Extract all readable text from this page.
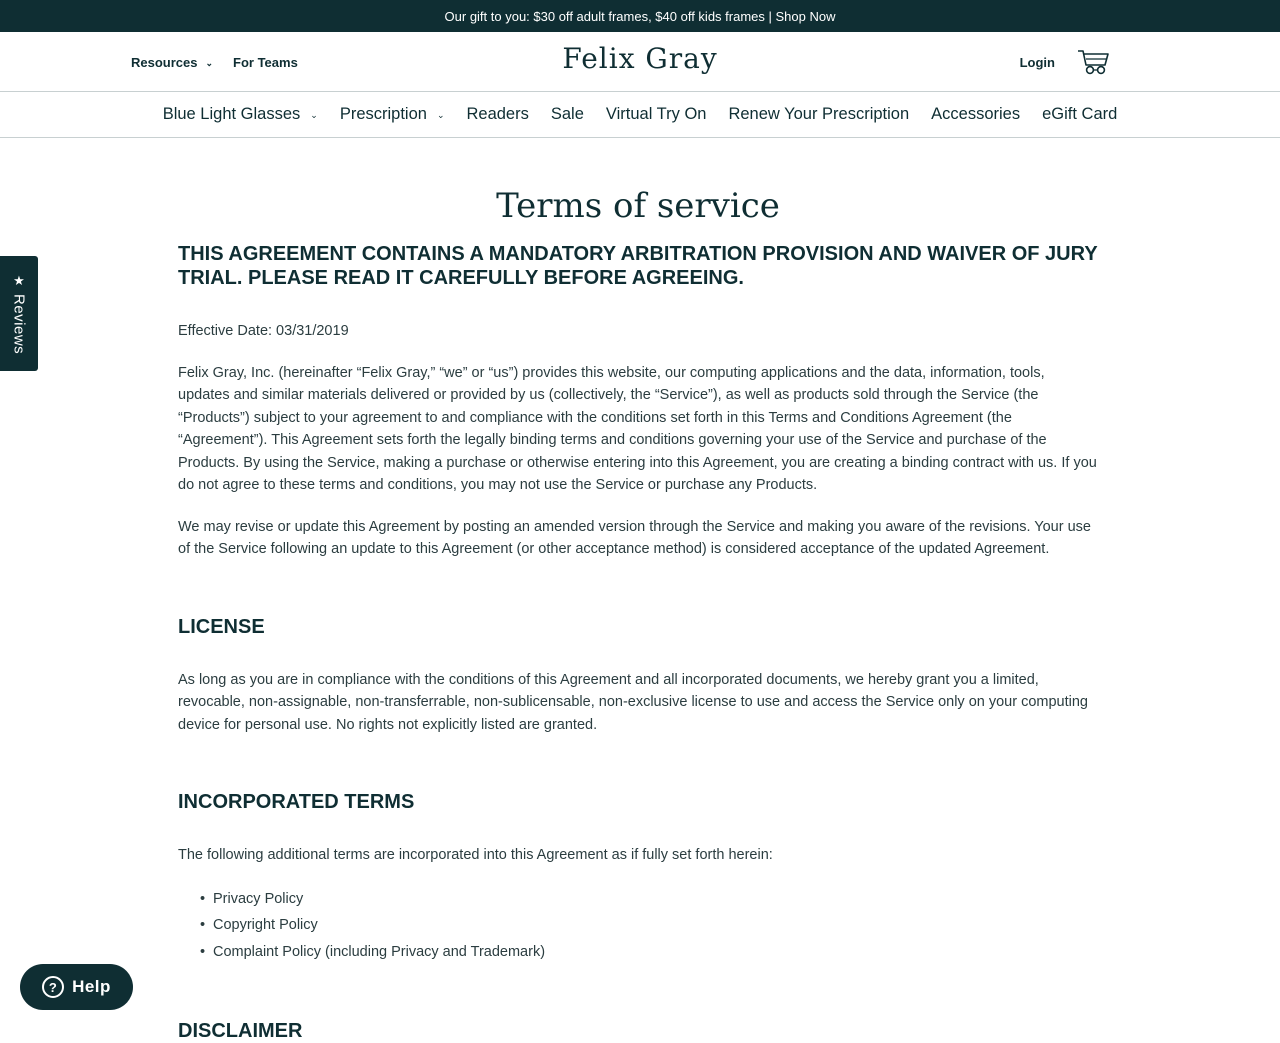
Our gift to you: $30 off adult frames, $40 off kids frames | Shop Now
Resources ⌄ For Teams	Felix Gray	Login
Blue Light Glasses ⌄ Prescription ⌄ Readers Sale Virtual Try On Renew Your Prescription Accessories eGift Card
Terms of service
THIS AGREEMENT CONTAINS A MANDATORY ARBITRATION PROVISION AND WAIVER OF JURY TRIAL. PLEASE READ IT CAREFULLY BEFORE AGREEING.

Effective Date: 03/31/2019

Felix Gray, Inc. (hereinafter “Felix Gray,” “we” or “us”) provides this website, our computing applications and the data, information, tools, updates and similar materials delivered or provided by us (collectively, the “Service”), as well as products sold through the Service (the “Products”) subject to your agreement to and compliance with the conditions set forth in this Terms and Conditions Agreement (the “Agreement”). This Agreement sets forth the legally binding terms and conditions governing your use of the Service and purchase of the Products. By using the Service, making a purchase or otherwise entering into this Agreement, you are creating a binding contract with us. If you do not agree to these terms and conditions, you may not use the Service or purchase any Products.

We may revise or update this Agreement by posting an amended version through the Service and making you aware of the revisions. Your use of the Service following an update to this Agreement (or other acceptance method) is considered acceptance of the updated Agreement.

LICENSE

As long as you are in compliance with the conditions of this Agreement and all incorporated documents, we hereby grant you a limited, revocable, non-assignable, non-transferrable, non-sublicensable, non-exclusive license to use and access the Service only on your computing device for personal use. No rights not explicitly listed are granted.

INCORPORATED TERMS

The following additional terms are incorporated into this Agreement as if fully set forth herein:

• Privacy Policy
• Copyright Policy
• Complaint Policy (including Privacy and Trademark)
DISCLAIMER
★
Reviews
? Help
